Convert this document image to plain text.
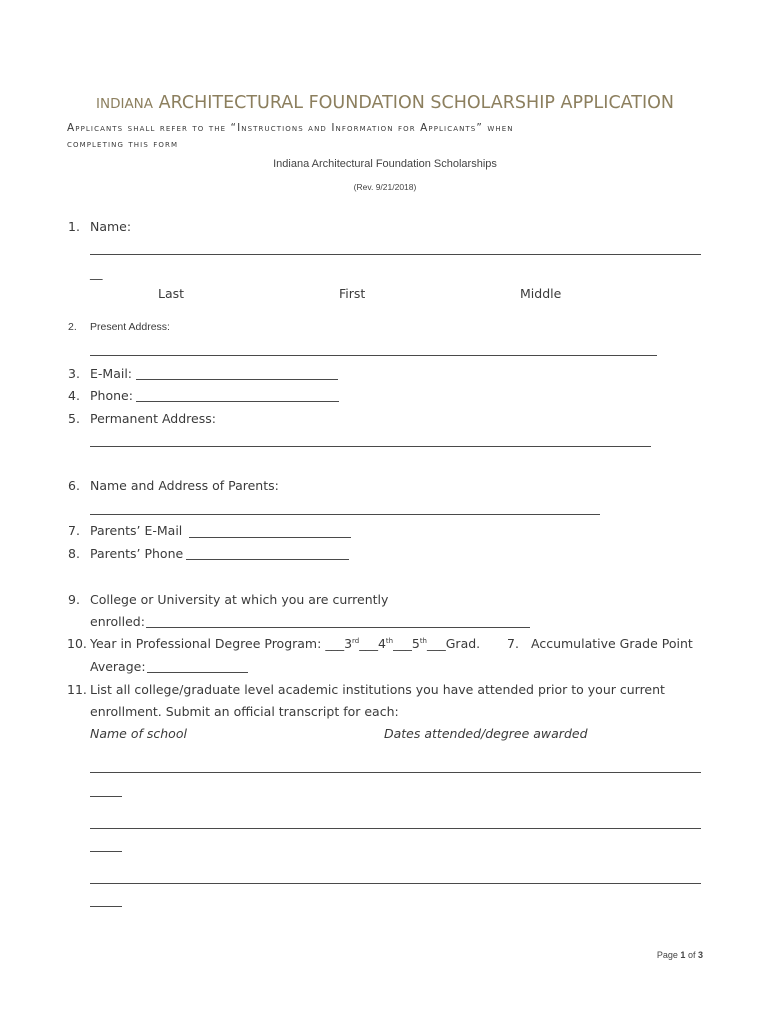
INDIANA ARCHITECTURAL FOUNDATION SCHOLARSHIP APPLICATION
Applicants shall refer to the “Instructions and Information for Applicants” when
completing this form
Indiana Architectural Foundation Scholarships
(Rev. 9/21/2018)
1. Name:
__
Last	First	Middle
2. Present Address:
3. E-Mail:
4. Phone:
5. Permanent Address:
6. Name and Address of Parents:
7. Parents’ E-Mail
8. Parents’ Phone
9. College or University at which you are currently
enrolled:
10. Year in Professional Degree Program: ___3rd___4th___5th___Grad. 7. Accumulative Grade Point
Average:
11. List all college/graduate level academic institutions you have attended prior to your current
enrollment. Submit an official transcript for each:
Name of school	Dates attended/degree awarded
Page 1 of 3
